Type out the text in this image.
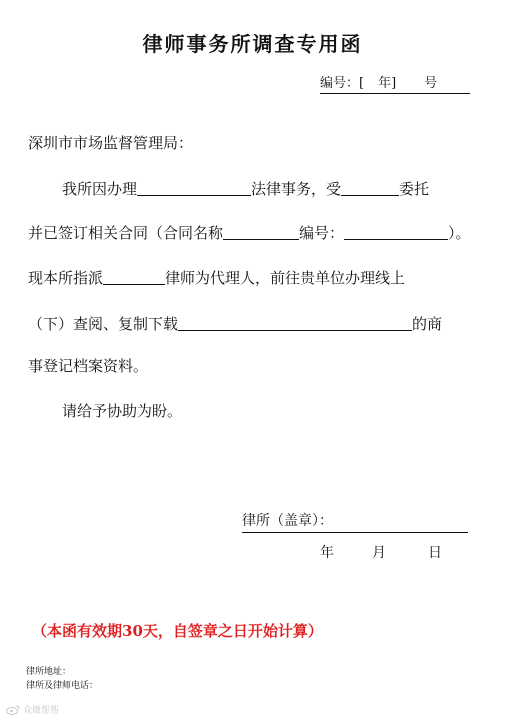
律师事务所调查专用函
编号：[ 年] 号
深圳市市场监督管理局：
我所因办理	法律事务，受	委托
并已签订相关合同（合同名称	编号：	）。
现本所指派	律师为代理人，前往贵单位办理线上
（下）查阅、复制下载	的商
事登记档案资料。
请给予协助为盼。
律所（盖章）：
年	月	日
（本函有效期30天，自签章之日开始计算）
律所地址：
律所及律师电话：
众微帮帮
